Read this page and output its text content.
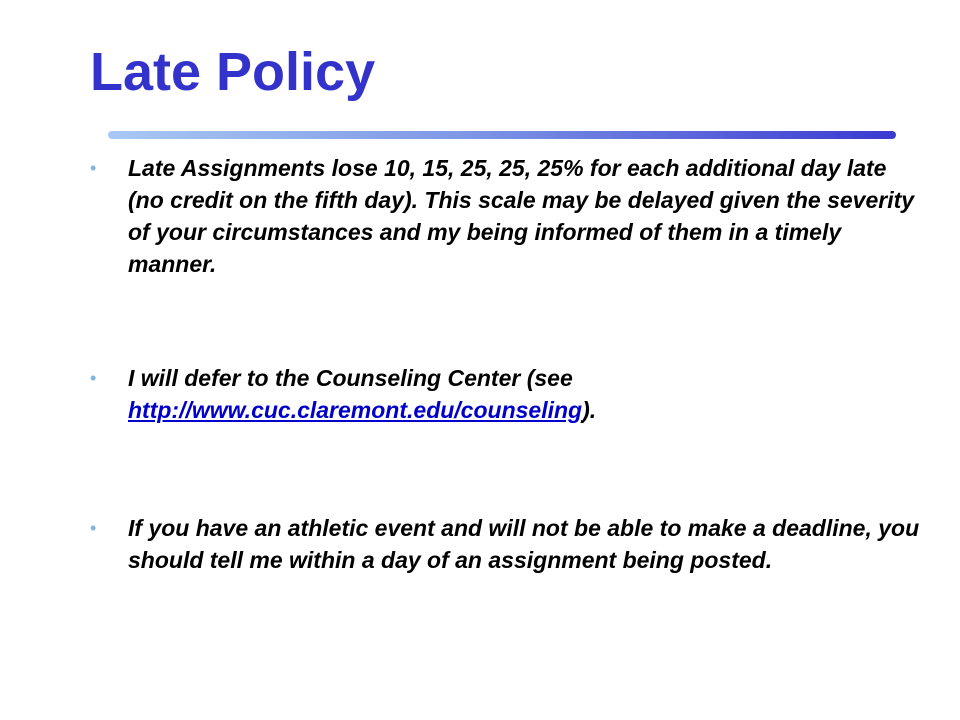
Late Policy
• Late Assignments lose 10, 15, 25, 25, 25% for each additional day late (no credit on the fifth day). This scale may be delayed given the severity of your circumstances and my being informed of them in a timely manner.
• I will defer to the Counseling Center (see http://www.cuc.claremont.edu/counseling).
• If you have an athletic event and will not be able to make a deadline, you should tell me within a day of an assignment being posted.
